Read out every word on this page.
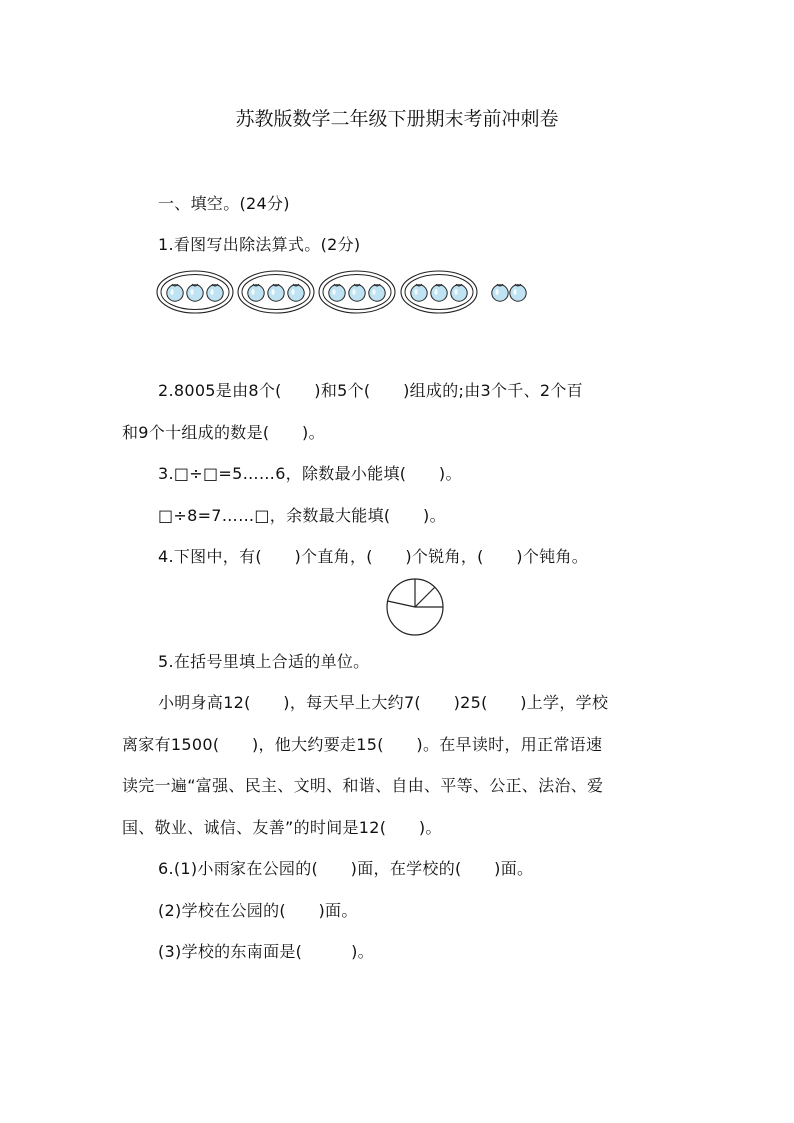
苏教版数学二年级下册期末考前冲刺卷
一、填空。(24分)
1.看图写出除法算式。(2分)
2.8005是由8个(　　)和5个(　　)组成的;由3个千、2个百
和9个十组成的数是(　　)。
3.□÷□=5……6，除数最小能填(　　)。
□÷8=7……□，余数最大能填(　　)。
4.下图中，有(　　)个直角，(　　)个锐角，(　　)个钝角。
5.在括号里填上合适的单位。
小明身高12(　　)，每天早上大约7(　　)25(　　)上学，学校
离家有1500(　　)，他大约要走15(　　)。在早读时，用正常语速
读完一遍“富强、民主、文明、和谐、自由、平等、公正、法治、爱
国、敬业、诚信、友善”的时间是12(　　)。
6.(1)小雨家在公园的(　　)面，在学校的(　　)面。
(2)学校在公园的(　　)面。
(3)学校的东南面是(　　　)。
